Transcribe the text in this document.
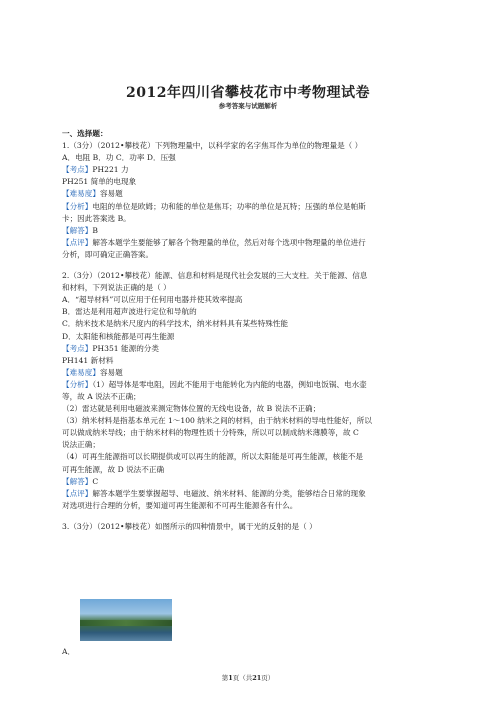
2012年四川省攀枝花市中考物理试卷
参考答案与试题解析

一、选择题：

1.（3分）（2012•攀枝花）下列物理量中，以科学家的名字焦耳作为单位的物理量是（ ）

A．电阻 B．功 C．功率 D．压强

【考点】PH221 力

PH251 简单的电现象

【难易度】容易题

【分析】电阻的单位是欧姆；功和能的单位是焦耳；功率的单位是瓦特；压强的单位是帕斯

卡；因此答案选 B。

【解答】B

【点评】解答本题学生要能够了解各个物理量的单位，然后对每个选项中物理量的单位进行

分析，即可确定正确答案。

2.（3分）（2012•攀枝花）能源、信息和材料是现代社会发展的三大支柱．关于能源、信息

和材料，下列说法正确的是（ ）

A．“超导材料”可以应用于任何用电器并使其效率提高

B．雷达是利用超声波进行定位和导航的

C．纳米技术是纳米尺度内的科学技术，纳米材料具有某些特殊性能

D．太阳能和核能都是可再生能源

【考点】PH351 能源的分类

PH141 新材料

【难易度】容易题

【分析】（1）超导体是零电阻，因此不能用于电能转化为内能的电器，例如电饭锅、电水壶

等，故 A 说法不正确；

（2）雷达就是利用电磁波来测定物体位置的无线电设备，故 B 说法不正确；

（3）纳米材料是指基本单元在 1～100 纳米之间的材料，由于纳米材料的导电性能好，所以

可以做成纳米导线；由于纳米材料的物理性质十分特殊，所以可以制成纳米薄膜等，故 C

说法正确；

（4）可再生能源指可以长期提供或可以再生的能源，所以太阳能是可再生能源，核能不是

可再生能源，故 D 说法不正确

【解答】C

【点评】解答本题学生要掌握超导、电磁波、纳米材料、能源的分类，能够结合日常的现象

对选项进行合理的分析，要知道可再生能源和不可再生能源各有什么。

3.（3分）（2012•攀枝花）如图所示的四种情景中，属于光的反射的是（ ）

A．
第1页（共21页）
